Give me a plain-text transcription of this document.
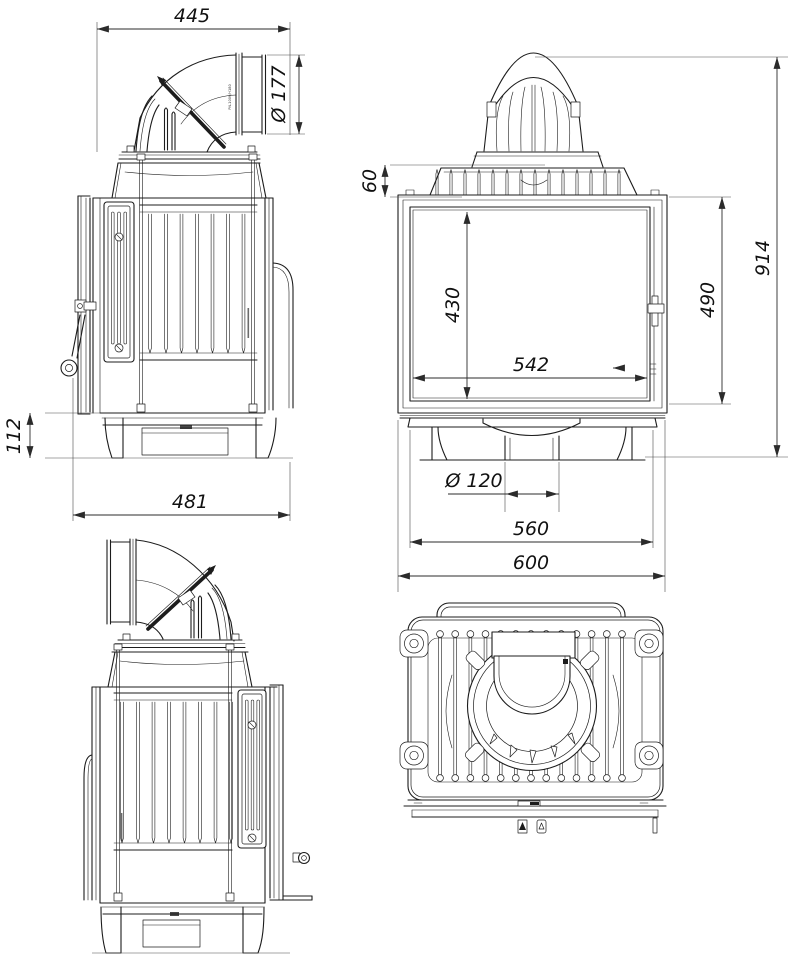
PN-1009/H180
445
Ø 177
112
481
60
914
490
430
542
Ø 120
560
600
